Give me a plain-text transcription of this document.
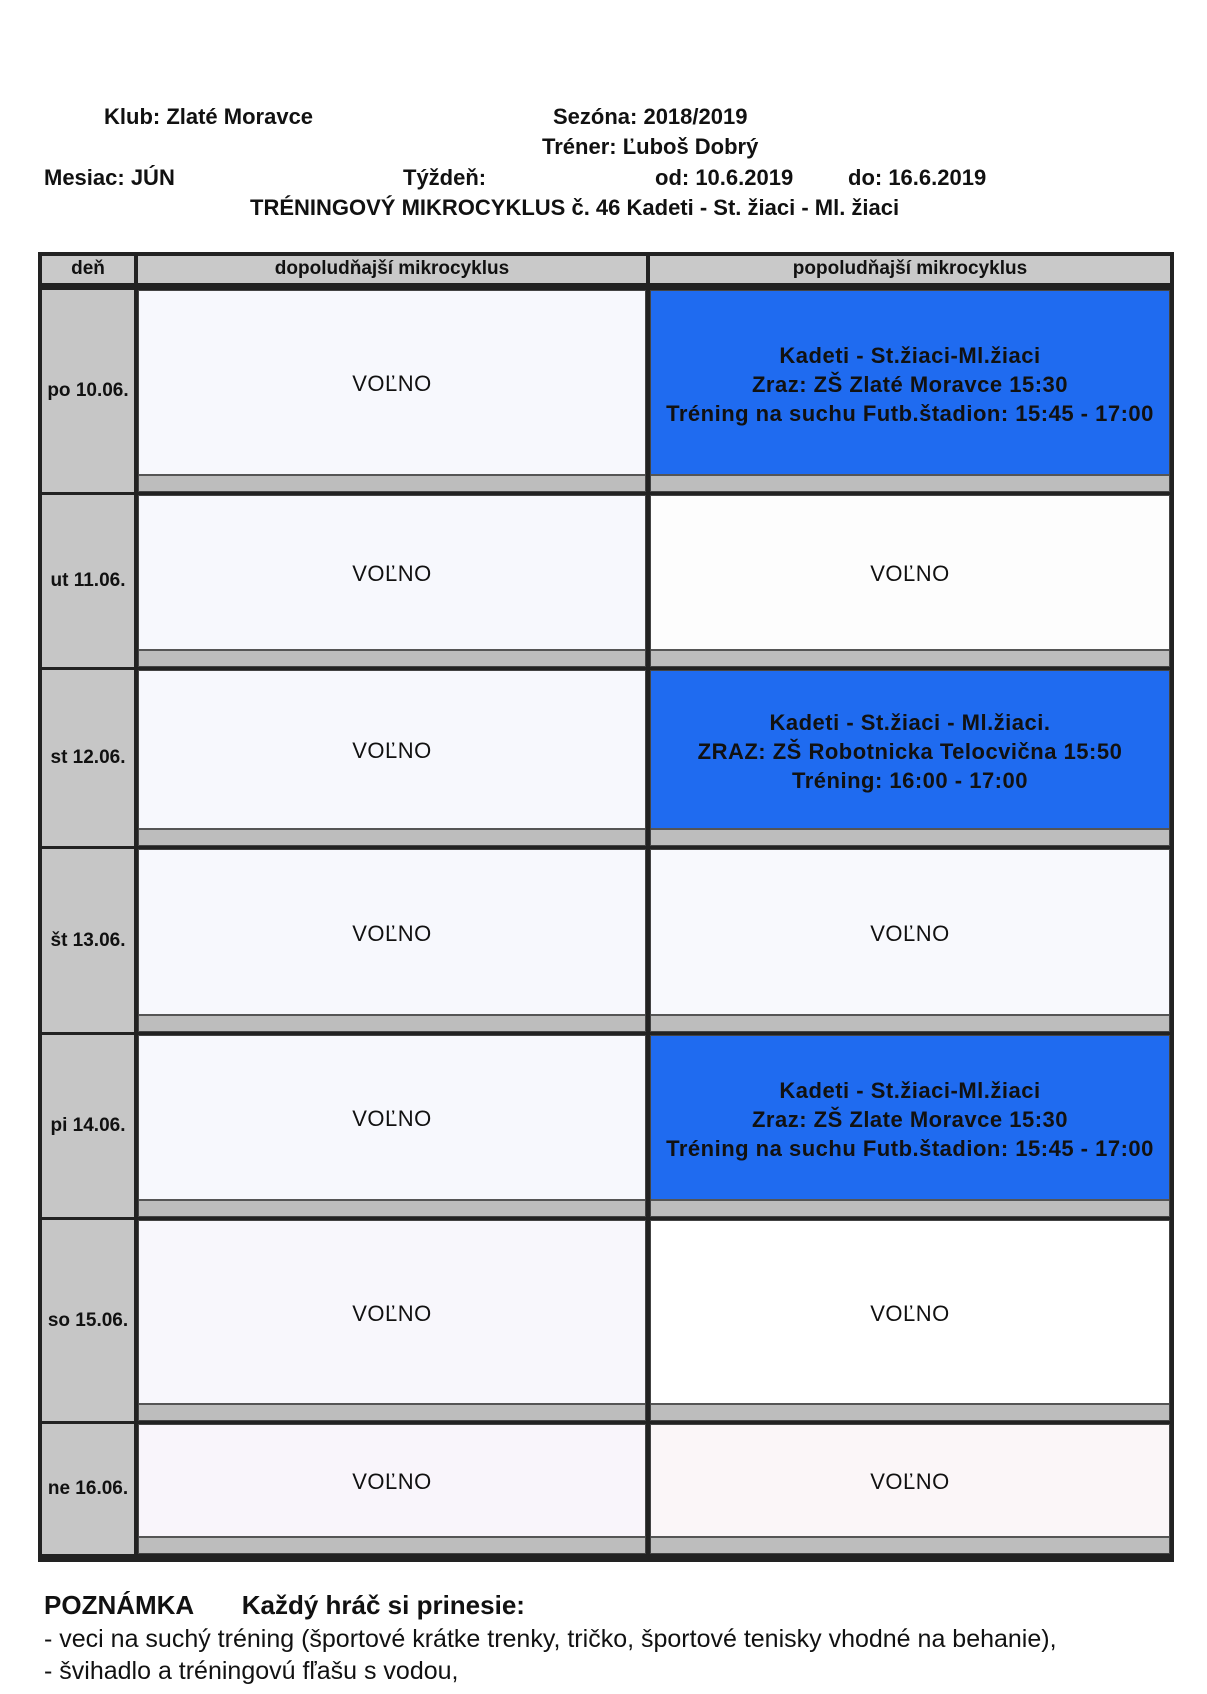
Klub: Zlaté Moravce	Sezóna: 2018/2019
Tréner: Ľuboš Dobrý
Mesiac: JÚN	Týždeň:	od: 10.6.2019 do: 16.6.2019
TRÉNINGOVÝ MIKROCYKLUS č. 46 Kadeti - St. žiaci - Ml. žiaci
deň	dopoludňajší mikrocyklus	popoludňajší mikrocyklus
po 10.06.	VOĽNO
Kadeti - St.žiaci-Ml.žiaci
Zraz: ZŠ Zlaté Moravce 15:30
Tréning na suchu Futb.štadion: 15:45 - 17:00
ut 11.06.	VOĽNO	VOĽNO
st 12.06.	VOĽNO
Kadeti - St.žiaci - Ml.žiaci.
ZRAZ: ZŠ Robotnicka Telocvična 15:50
Tréning: 16:00 - 17:00
št 13.06.	VOĽNO	VOĽNO
pi 14.06.	VOĽNO
Kadeti - St.žiaci-Ml.žiaci
Zraz: ZŠ Zlate Moravce 15:30
Tréning na suchu Futb.štadion: 15:45 - 17:00
so 15.06.	VOĽNO	VOĽNO
ne 16.06.	VOĽNO	VOĽNO
POZNÁMKA Každý hráč si prinesie:
- veci na suchý tréning (športové krátke trenky, tričko, športové tenisky vhodné na behanie),
- švihadlo a tréningovú fľašu s vodou,
